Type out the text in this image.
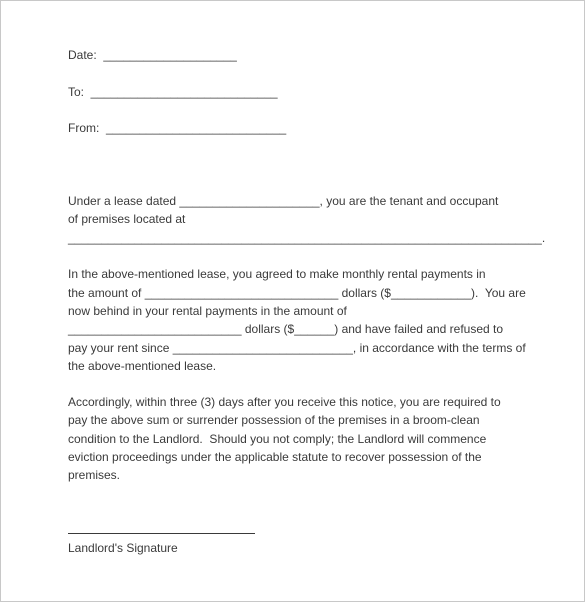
Date:  ____________________
To:  ____________________________
From:  ___________________________
Under a lease dated _____________________, you are the tenant and occupant
of premises located at
_______________________________________________________________________.
In the above-mentioned lease, you agreed to make monthly rental payments in
the amount of _____________________________ dollars ($____________).  You are
now behind in your rental payments in the amount of
__________________________ dollars ($______) and have failed and refused to
pay your rent since ___________________________, in accordance with the terms of
the above-mentioned lease.
Accordingly, within three (3) days after you receive this notice, you are required to
pay the above sum or surrender possession of the premises in a broom-clean
condition to the Landlord.  Should you not comply; the Landlord will commence
eviction proceedings under the applicable statute to recover possession of the
premises.
Landlord's Signature
